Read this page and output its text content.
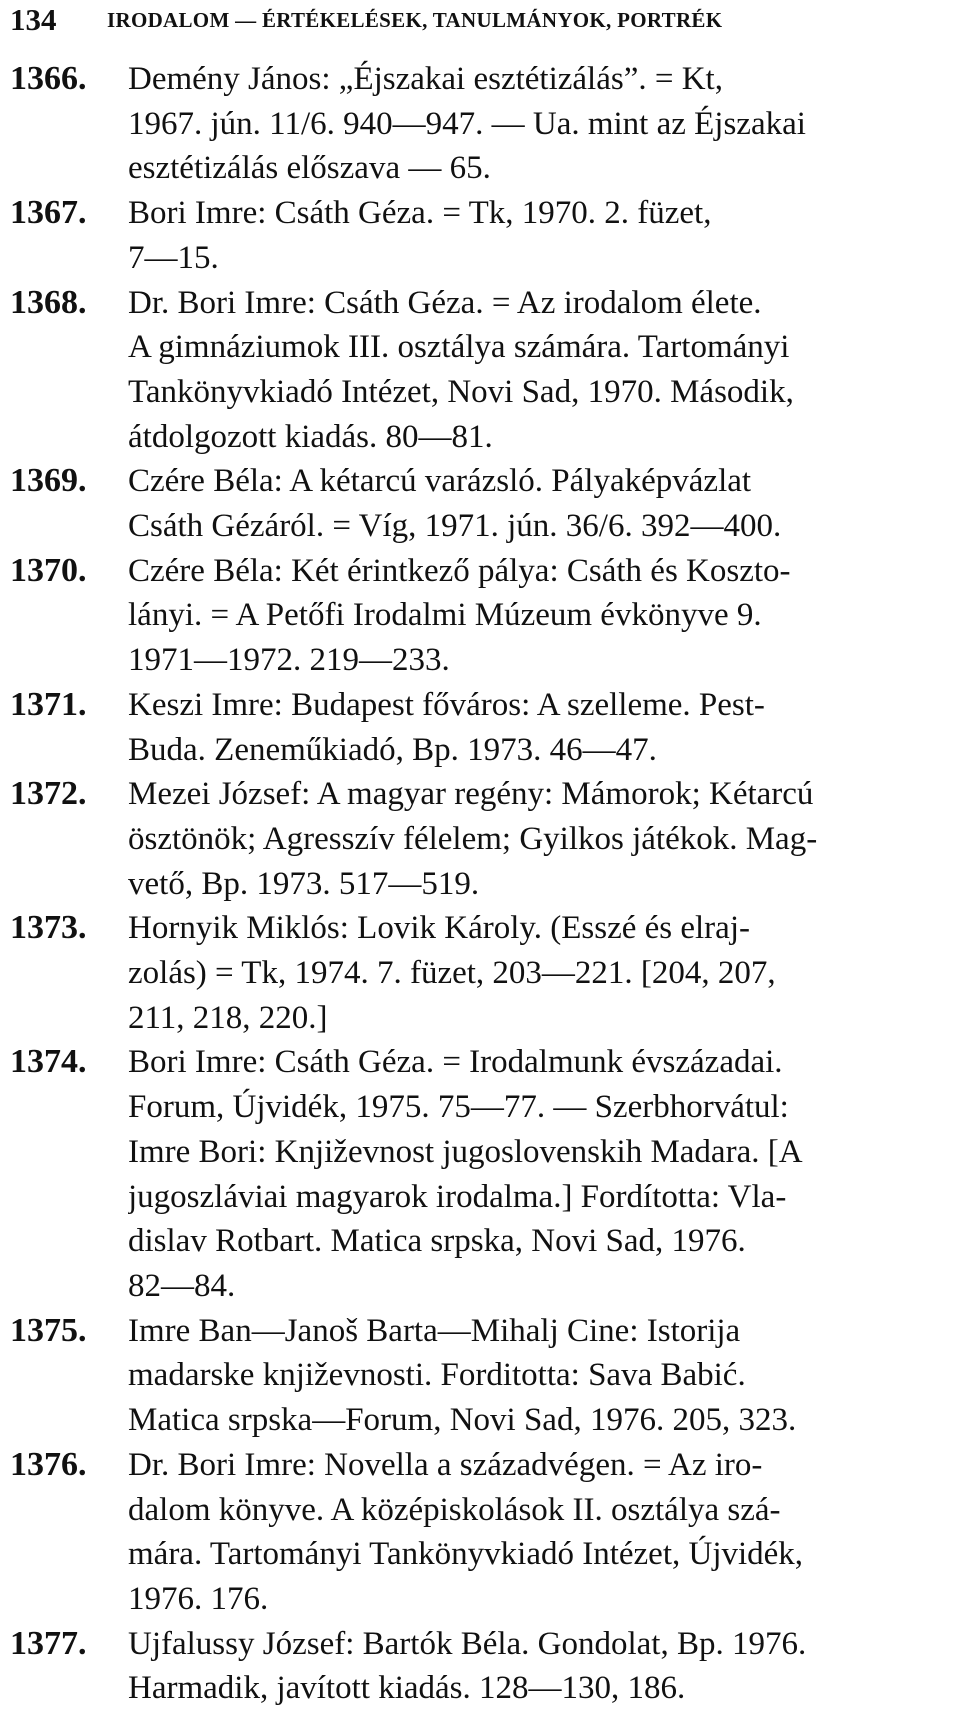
134 IRODALOM — ÉRTÉKELÉSEK, TANULMÁNYOK, PORTRÉK
1366.	Demény János: „Éjszakai esztétizálás”. = Kt,
1967. jún. 11/6. 940—947. — Ua. mint az Éjszakai
esztétizálás előszava — 65.
1367.	Bori Imre: Csáth Géza. = Tk, 1970. 2. füzet,
7—15.
1368.	Dr. Bori Imre: Csáth Géza. = Az irodalom élete.
A gimnáziumok III. osztálya számára. Tartományi
Tankönyvkiadó Intézet, Novi Sad, 1970. Második,
átdolgozott kiadás. 80—81.
1369.	Czére Béla: A kétarcú varázsló. Pályaképvázlat
Csáth Gézáról. = Víg, 1971. jún. 36/6. 392—400.
1370.	Czére Béla: Két érintkező pálya: Csáth és Koszto-
lányi. = A Petőfi Irodalmi Múzeum évkönyve 9.
1971—1972. 219—233.
1371.	Keszi Imre: Budapest főváros: A szelleme. Pest-
Buda. Zeneműkiadó, Bp. 1973. 46—47.
1372.	Mezei József: A magyar regény: Mámorok; Kétarcú
ösztönök; Agresszív félelem; Gyilkos játékok. Mag-
vető, Bp. 1973. 517—519.
1373.	Hornyik Miklós: Lovik Károly. (Esszé és elraj-
zolás) = Tk, 1974. 7. füzet, 203—221. [204, 207,
211, 218, 220.]
1374.	Bori Imre: Csáth Géza. = Irodalmunk évszázadai.
Forum, Újvidék, 1975. 75—77. — Szerbhorvátul:
Imre Bori: Književnost jugoslovenskih Madara. [A
jugoszláviai magyarok irodalma.] Fordította: Vla-
dislav Rotbart. Matica srpska, Novi Sad, 1976.
82—84.
1375.	Imre Ban—Janoš Barta—Mihalj Cine: Istorija
madarske književnosti. Forditotta: Sava Babić.
Matica srpska—Forum, Novi Sad, 1976. 205, 323.
1376.	Dr. Bori Imre: Novella a századvégen. = Az iro-
dalom könyve. A középiskolások II. osztálya szá-
mára. Tartományi Tankönyvkiadó Intézet, Újvidék,
1976. 176.
1377.	Ujfalussy József: Bartók Béla. Gondolat, Bp. 1976.
Harmadik, javított kiadás. 128—130, 186.
